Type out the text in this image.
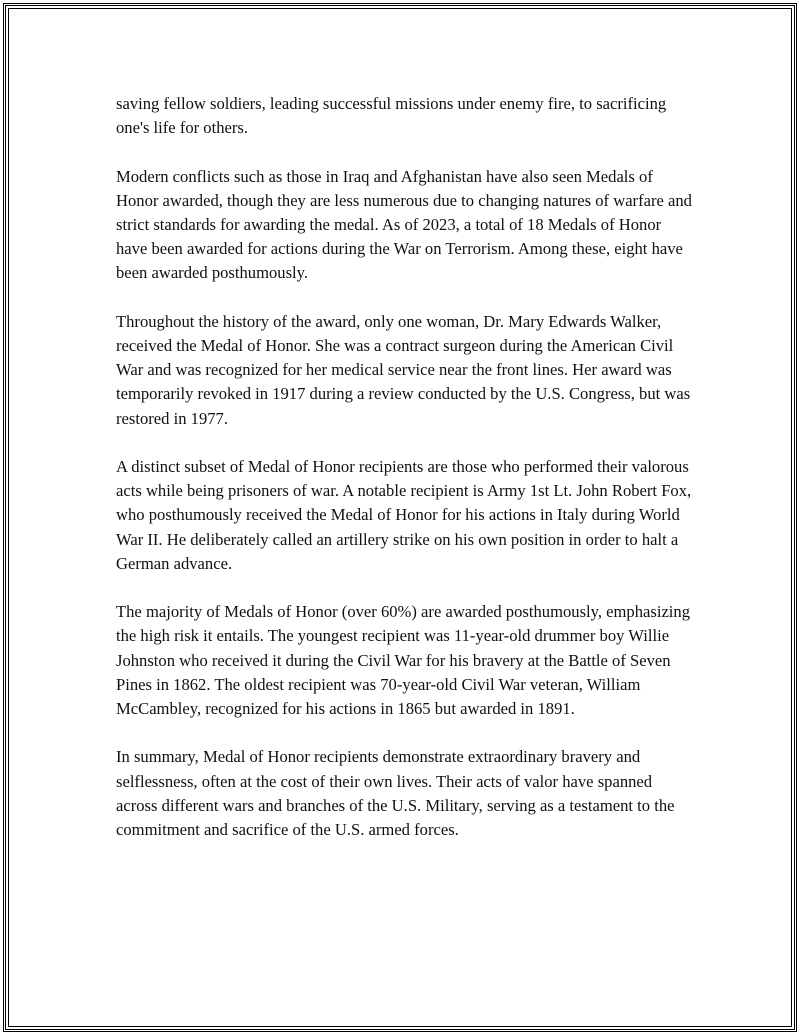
saving fellow soldiers, leading successful missions under enemy fire, to sacrificing one's life for others.

Modern conflicts such as those in Iraq and Afghanistan have also seen Medals of Honor awarded, though they are less numerous due to changing natures of warfare and strict standards for awarding the medal. As of 2023, a total of 18 Medals of Honor have been awarded for actions during the War on Terrorism. Among these, eight have been awarded posthumously.

Throughout the history of the award, only one woman, Dr. Mary Edwards Walker, received the Medal of Honor. She was a contract surgeon during the American Civil War and was recognized for her medical service near the front lines. Her award was temporarily revoked in 1917 during a review conducted by the U.S. Congress, but was restored in 1977.

A distinct subset of Medal of Honor recipients are those who performed their valorous acts while being prisoners of war. A notable recipient is Army 1st Lt. John Robert Fox, who posthumously received the Medal of Honor for his actions in Italy during World War II. He deliberately called an artillery strike on his own position in order to halt a German advance.

The majority of Medals of Honor (over 60%) are awarded posthumously, emphasizing the high risk it entails. The youngest recipient was 11-year-old drummer boy Willie Johnston who received it during the Civil War for his bravery at the Battle of Seven Pines in 1862. The oldest recipient was 70-year-old Civil War veteran, William McCambley, recognized for his actions in 1865 but awarded in 1891.

In summary, Medal of Honor recipients demonstrate extraordinary bravery and selflessness, often at the cost of their own lives. Their acts of valor have spanned across different wars and branches of the U.S. Military, serving as a testament to the commitment and sacrifice of the U.S. armed forces.
